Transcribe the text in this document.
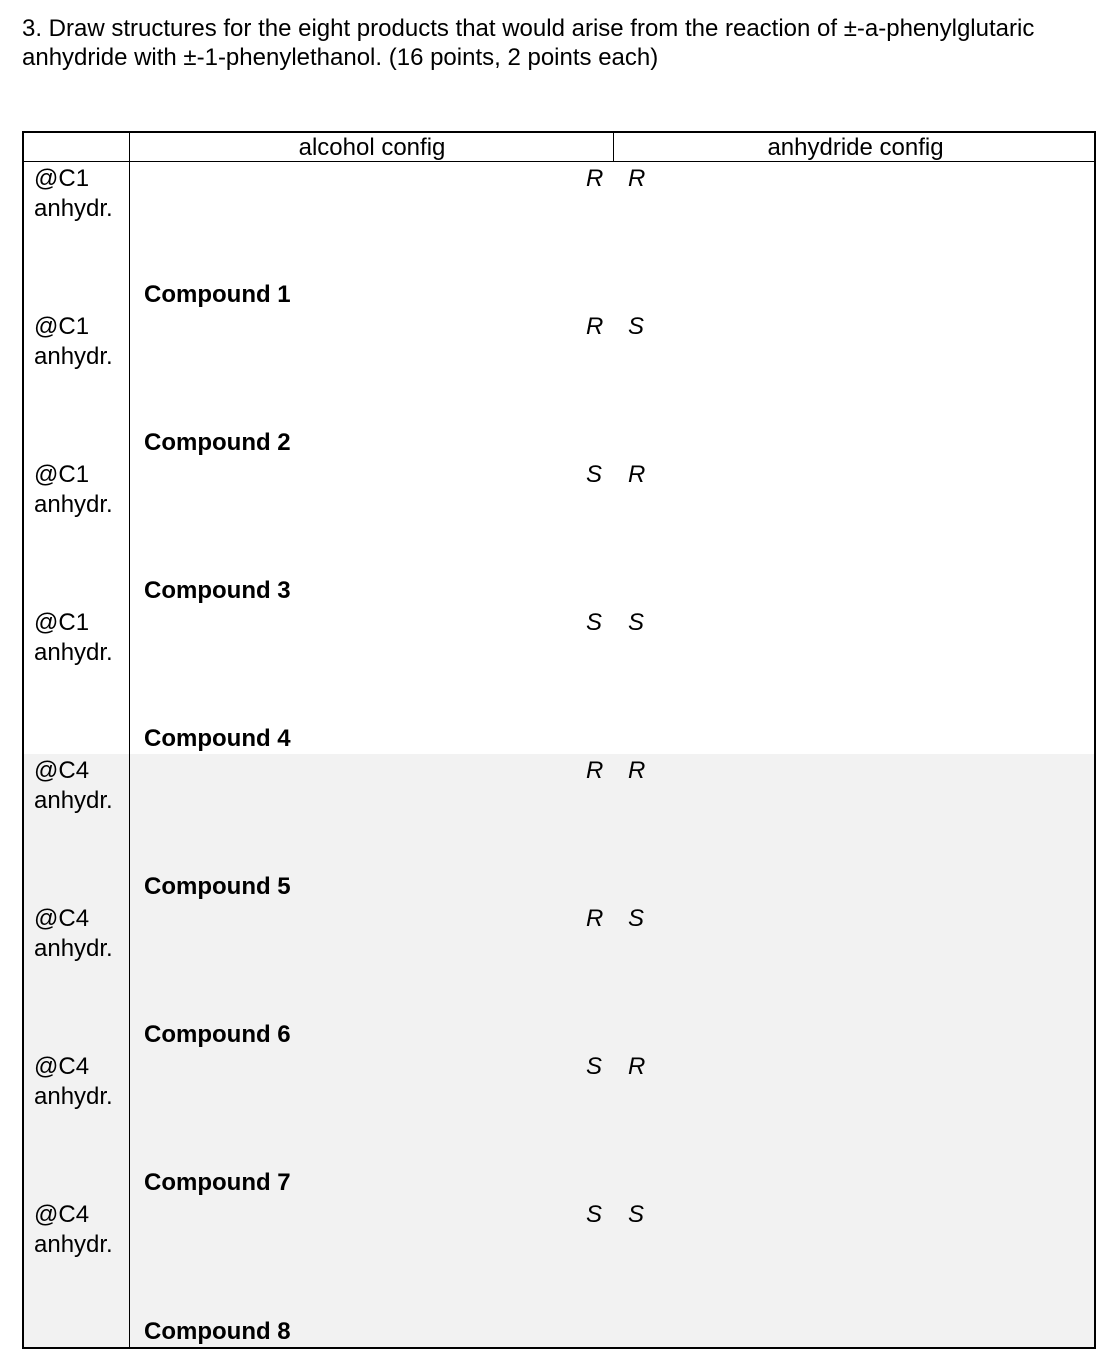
3. Draw structures for the eight products that would arise from the reaction of ±-a-phenylglutaric
anhydride with ±-1-phenylethanol. (16 points, 2 points each)

alcohol config	anhydride config
@C1
anhydr.
R R
Compound 1
@C1
anhydr.
R S
Compound 2
@C1
anhydr.
S R
Compound 3
@C1
anhydr.
S S
Compound 4
@C4
anhydr.
R R
Compound 5
@C4
anhydr.
R S
Compound 6
@C4
anhydr.
S R
Compound 7
@C4
anhydr.
S S
Compound 8
